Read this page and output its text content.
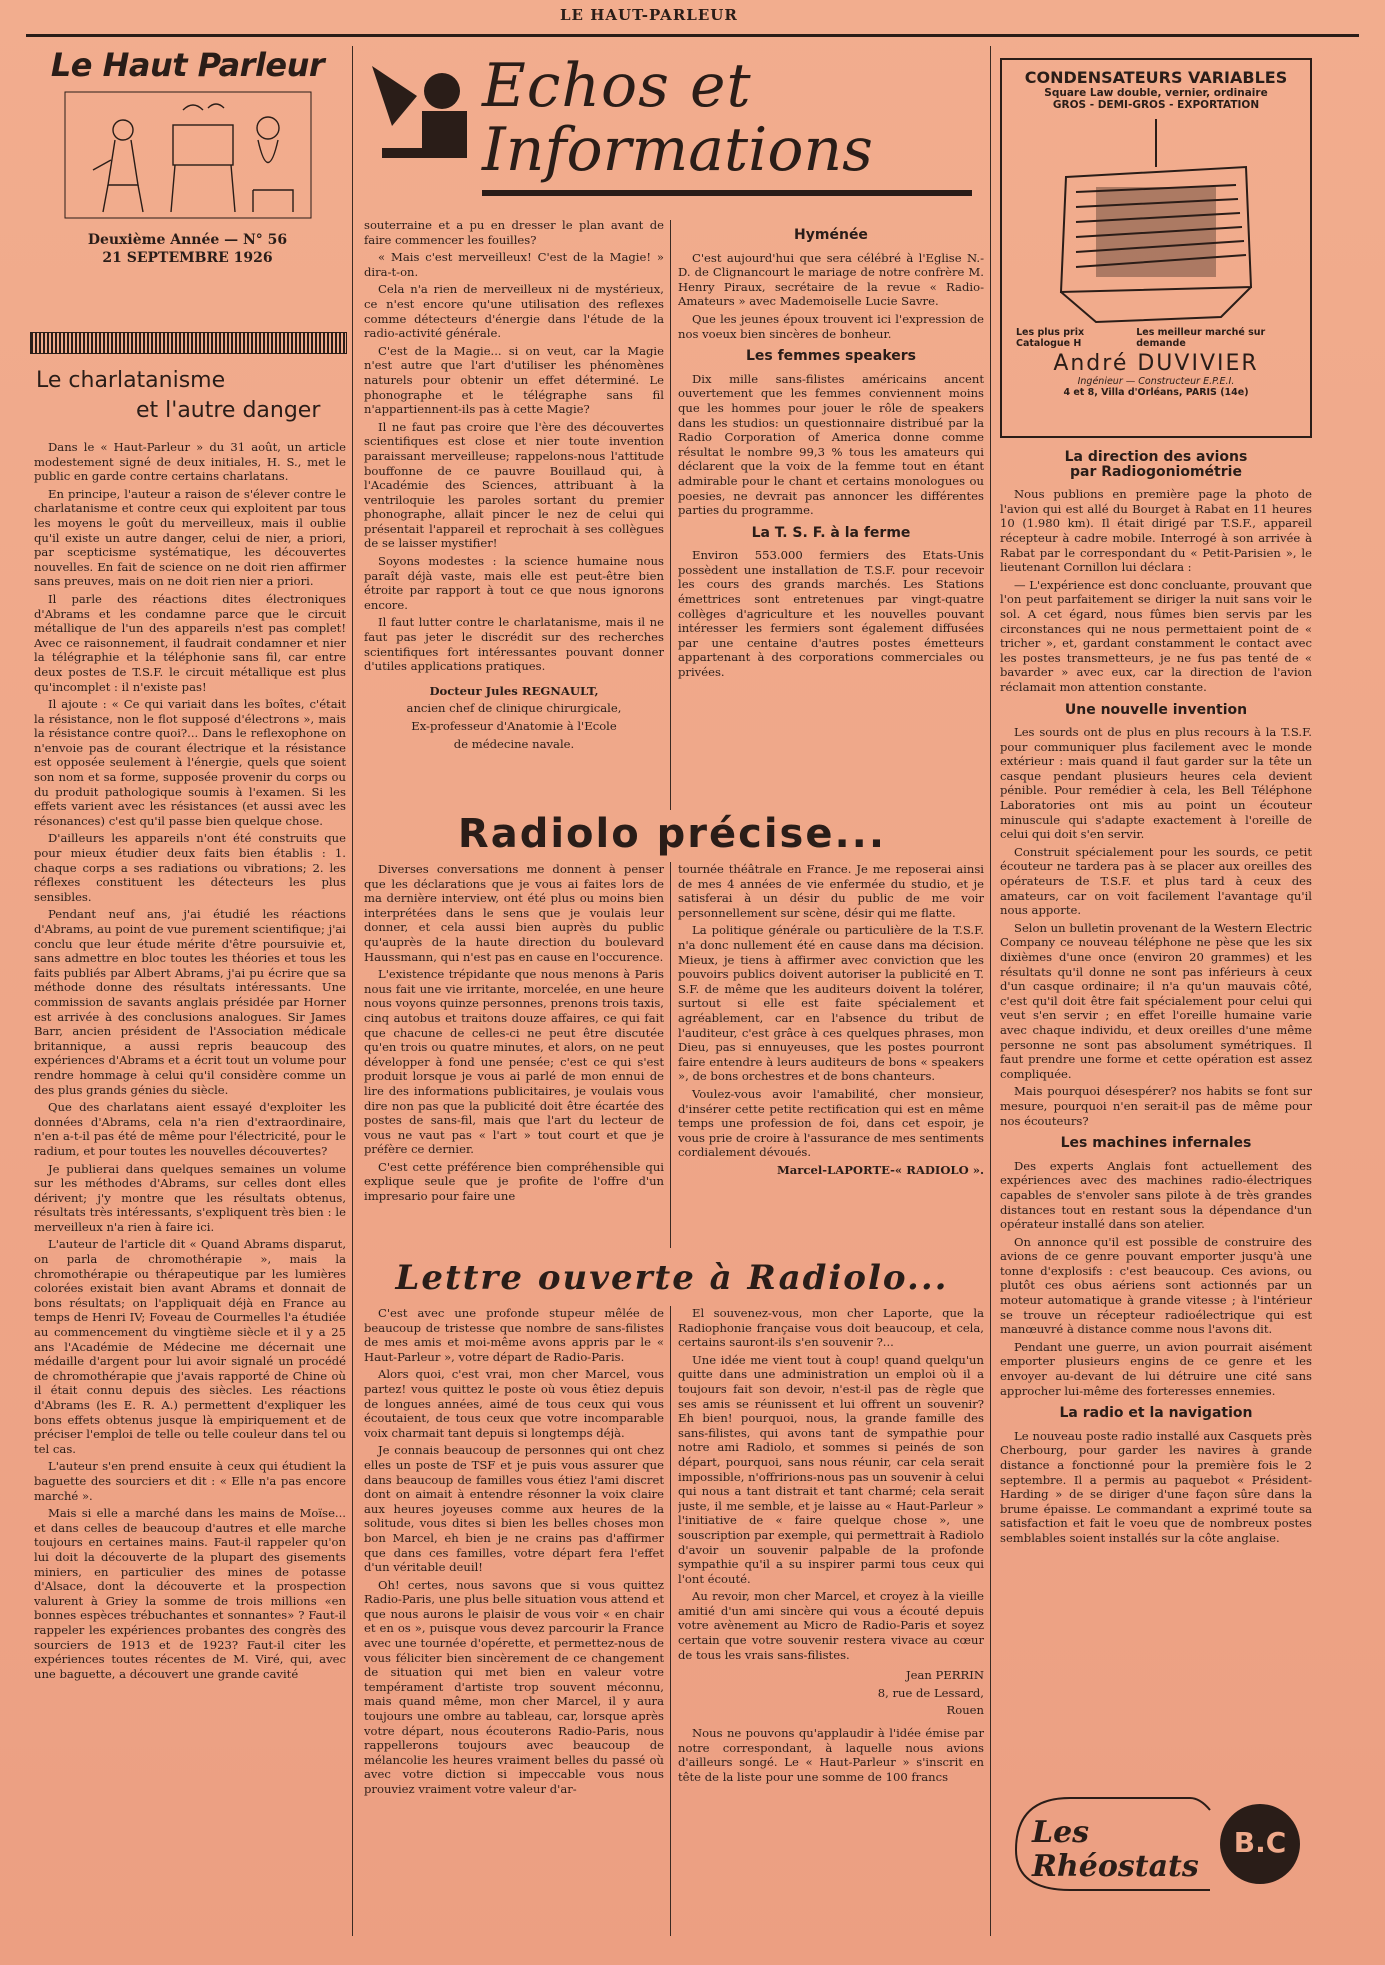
LE HAUT-PARLEUR
Le Haut Parleur
Deuxième Année — N° 56
21 SEPTEMBRE 1926
Le charlatanisme
et l'autre danger

Dans le « Haut-Parleur » du 31 août, un article modestement signé de deux initiales, H. S., met le public en garde contre certains charlatans.

En principe, l'auteur a raison de s'élever contre le charlatanisme et contre ceux qui exploitent par tous les moyens le goût du merveilleux, mais il oublie qu'il existe un autre danger, celui de nier, a priori, par scepticisme systématique, les découvertes nouvelles. En fait de science on ne doit rien affirmer sans preuves, mais on ne doit rien nier a priori.

Il parle des réactions dites électroniques d'Abrams et les condamne parce que le circuit métallique de l'un des appareils n'est pas complet! Avec ce raisonnement, il faudrait condamner et nier la télégraphie et la téléphonie sans fil, car entre deux postes de T.S.F. le circuit métallique est plus qu'incomplet : il n'existe pas!

Il ajoute : « Ce qui variait dans les boîtes, c'était la résistance, non le flot supposé d'électrons », mais la résistance contre quoi?... Dans le reflexophone on n'envoie pas de courant électrique et la résistance est opposée seulement à l'énergie, quels que soient son nom et sa forme, supposée provenir du corps ou du produit pathologique soumis à l'examen. Si les effets varient avec les résistances (et aussi avec les résonances) c'est qu'il passe bien quelque chose.

D'ailleurs les appareils n'ont été construits que pour mieux étudier deux faits bien établis : 1. chaque corps a ses radiations ou vibrations; 2. les réflexes constituent les détecteurs les plus sensibles.

Pendant neuf ans, j'ai étudié les réactions d'Abrams, au point de vue purement scientifique; j'ai conclu que leur étude mérite d'être poursuivie et, sans admettre en bloc toutes les théories et tous les faits publiés par Albert Abrams, j'ai pu écrire que sa méthode donne des résultats intéressants. Une commission de savants anglais présidée par Horner est arrivée à des conclusions analogues. Sir James Barr, ancien président de l'Association médicale britannique, a aussi repris beaucoup des expériences d'Abrams et a écrit tout un volume pour rendre hommage à celui qu'il considère comme un des plus grands génies du siècle.

Que des charlatans aient essayé d'exploiter les données d'Abrams, cela n'a rien d'extraordinaire, n'en a-t-il pas été de même pour l'électricité, pour le radium, et pour toutes les nouvelles découvertes?

Je publierai dans quelques semaines un volume sur les méthodes d'Abrams, sur celles dont elles dérivent; j'y montre que les résultats obtenus, résultats très intéressants, s'expliquent très bien : le merveilleux n'a rien à faire ici.

L'auteur de l'article dit « Quand Abrams disparut, on parla de chromothérapie », mais la chromothérapie ou thérapeutique par les lumières colorées existait bien avant Abrams et donnait de bons résultats; on l'appliquait déjà en France au temps de Henri IV; Foveau de Courmelles l'a étudiée au commencement du vingtième siècle et il y a 25 ans l'Académie de Médecine me décernait une médaille d'argent pour lui avoir signalé un procédé de chromothérapie que j'avais rapporté de Chine où il était connu depuis des siècles. Les réactions d'Abrams (les E. R. A.) permettent d'expliquer les bons effets obtenus jusque là empiriquement et de préciser l'emploi de telle ou telle couleur dans tel ou tel cas.

L'auteur s'en prend ensuite à ceux qui étudient la baguette des sourciers et dit : « Elle n'a pas encore marché ».

Mais si elle a marché dans les mains de Moïse... et dans celles de beaucoup d'autres et elle marche toujours en certaines mains. Faut-il rappeler qu'on lui doit la découverte de la plupart des gisements miniers, en particulier des mines de potasse d'Alsace, dont la découverte et la prospection valurent à Griey la somme de trois millions «en bonnes espèces trébuchantes et sonnantes» ? Faut-il rappeler les expériences probantes des congrès des sourciers de 1913 et de 1923? Faut-il citer les expériences toutes récentes de M. Viré, qui, avec une baguette, a découvert une grande cavité

Echos et
Informations

souterraine et a pu en dresser le plan avant de faire commencer les fouilles?

« Mais c'est merveilleux! C'est de la Magie! » dira-t-on.

Cela n'a rien de merveilleux ni de mystérieux, ce n'est encore qu'une utilisation des reflexes comme détecteurs d'énergie dans l'étude de la radio-activité générale.

C'est de la Magie... si on veut, car la Magie n'est autre que l'art d'utiliser les phénomènes naturels pour obtenir un effet déterminé. Le phonographe et le télégraphe sans fil n'appartiennent-ils pas à cette Magie?

Il ne faut pas croire que l'ère des découvertes scientifiques est close et nier toute invention paraissant merveilleuse; rappelons-nous l'attitude bouffonne de ce pauvre Bouillaud qui, à l'Académie des Sciences, attribuant à la ventriloquie les paroles sortant du premier phonographe, allait pincer le nez de celui qui présentait l'appareil et reprochait à ses collègues de se laisser mystifier!

Soyons modestes : la science humaine nous paraît déjà vaste, mais elle est peut-être bien étroite par rapport à tout ce que nous ignorons encore.

Il faut lutter contre le charlatanisme, mais il ne faut pas jeter le discrédit sur des recherches scientifiques fort intéressantes pouvant donner d'utiles applications pratiques.

Docteur Jules REGNAULT,

ancien chef de clinique chirurgicale,

Ex-professeur d'Anatomie à l'Ecole

de médecine navale.

Hyménée

C'est aujourd'hui que sera célébré à l'Eglise N.-D. de Clignancourt le mariage de notre confrère M. Henry Piraux, secrétaire de la revue « Radio-Amateurs » avec Mademoiselle Lucie Savre.

Que les jeunes époux trouvent ici l'expression de nos voeux bien sincères de bonheur.

Les femmes speakers

Dix mille sans-filistes américains ancent ouvertement que les femmes conviennent moins que les hommes pour jouer le rôle de speakers dans les studios: un questionnaire distribué par la Radio Corporation of America donne comme résultat le nombre 99,3 % tous les amateurs qui déclarent que la voix de la femme tout en étant admirable pour le chant et certains monologues ou poesies, ne devrait pas annoncer les différentes parties du programme.

La T. S. F. à la ferme

Environ 553.000 fermiers des Etats-Unis possèdent une installation de T.S.F. pour recevoir les cours des grands marchés. Les Stations émettrices sont entretenues par vingt-quatre collèges d'agriculture et les nouvelles pouvant intéresser les fermiers sont également diffusées par une centaine d'autres postes émetteurs appartenant à des corporations commerciales ou privées.

Radiolo précise...

Diverses conversations me donnent à penser que les déclarations que je vous ai faites lors de ma dernière interview, ont été plus ou moins bien interprétées dans le sens que je voulais leur donner, et cela aussi bien auprès du public qu'auprès de la haute direction du boulevard Haussmann, qui n'est pas en cause en l'occurence.

L'existence trépidante que nous menons à Paris nous fait une vie irritante, morcelée, en une heure nous voyons quinze personnes, prenons trois taxis, cinq autobus et traitons douze affaires, ce qui fait que chacune de celles-ci ne peut être discutée qu'en trois ou quatre minutes, et alors, on ne peut développer à fond une pensée; c'est ce qui s'est produit lorsque je vous ai parlé de mon ennui de lire des informations publicitaires, je voulais vous dire non pas que la publicité doit être écartée des postes de sans-fil, mais que l'art du lecteur de vous ne vaut pas « l'art » tout court et que je préfère ce dernier.

C'est cette préférence bien compréhensible qui explique seule que je profite de l'offre d'un impresario pour faire une

tournée théâtrale en France. Je me reposerai ainsi de mes 4 années de vie enfermée du studio, et je satisferai à un désir du public de me voir personnellement sur scène, désir qui me flatte.

La politique générale ou particulière de la T.S.F. n'a donc nullement été en cause dans ma décision. Mieux, je tiens à affirmer avec conviction que les pouvoirs publics doivent autoriser la publicité en T. S.F. de même que les auditeurs doivent la tolérer, surtout si elle est faite spécialement et agréablement, car en l'absence du tribut de l'auditeur, c'est grâce à ces quelques phrases, mon Dieu, pas si ennuyeuses, que les postes pourront faire entendre à leurs auditeurs de bons « speakers », de bons orchestres et de bons chanteurs.

Voulez-vous avoir l'amabilité, cher monsieur, d'insérer cette petite rectification qui est en même temps une profession de foi, dans cet espoir, je vous prie de croire à l'assurance de mes sentiments cordialement dévoués.

Marcel-LAPORTE-« RADIOLO ».

Lettre ouverte à Radiolo...

C'est avec une profonde stupeur mêlée de beaucoup de tristesse que nombre de sans-filistes de mes amis et moi-même avons appris par le « Haut-Parleur », votre départ de Radio-Paris.

Alors quoi, c'est vrai, mon cher Marcel, vous partez! vous quittez le poste où vous êtiez depuis de longues années, aimé de tous ceux qui vous écoutaient, de tous ceux que votre incomparable voix charmait tant depuis si longtemps déjà.

Je connais beaucoup de personnes qui ont chez elles un poste de TSF et je puis vous assurer que dans beaucoup de familles vous étiez l'ami discret dont on aimait à entendre résonner la voix claire aux heures joyeuses comme aux heures de la solitude, vous dites si bien les belles choses mon bon Marcel, eh bien je ne crains pas d'affirmer que dans ces familles, votre départ fera l'effet d'un véritable deuil!

Oh! certes, nous savons que si vous quittez Radio-Paris, une plus belle situation vous attend et que nous aurons le plaisir de vous voir « en chair et en os », puisque vous devez parcourir la France avec une tournée d'opérette, et permettez-nous de vous féliciter bien sincèrement de ce changement de situation qui met bien en valeur votre tempérament d'artiste trop souvent méconnu, mais quand même, mon cher Marcel, il y aura toujours une ombre au tableau, car, lorsque après votre départ, nous écouterons Radio-Paris, nous rappellerons toujours avec beaucoup de mélancolie les heures vraiment belles du passé où avec votre diction si impeccable vous nous prouviez vraiment votre valeur d'ar-

El souvenez-vous, mon cher Laporte, que la Radiophonie française vous doit beaucoup, et cela, certains sauront-ils s'en souvenir ?...

Une idée me vient tout à coup! quand quelqu'un quitte dans une administration un emploi où il a toujours fait son devoir, n'est-il pas de règle que ses amis se réunissent et lui offrent un souvenir? Eh bien! pourquoi, nous, la grande famille des sans-filistes, qui avons tant de sympathie pour notre ami Radiolo, et sommes si peinés de son départ, pourquoi, sans nous réunir, car cela serait impossible, n'offririons-nous pas un souvenir à celui qui nous a tant distrait et tant charmé; cela serait juste, il me semble, et je laisse au « Haut-Parleur » l'initiative de « faire quelque chose », une souscription par exemple, qui permettrait à Radiolo d'avoir un souvenir palpable de la profonde sympathie qu'il a su inspirer parmi tous ceux qui l'ont écouté.

Au revoir, mon cher Marcel, et croyez à la vieille amitié d'un ami sincère qui vous a écouté depuis votre avènement au Micro de Radio-Paris et soyez certain que votre souvenir restera vivace au cœur de tous les vrais sans-filistes.

Jean PERRIN

8, rue de Lessard,

Rouen

Nous ne pouvons qu'applaudir à l'idée émise par notre correspondant, à laquelle nous avions d'ailleurs songé. Le « Haut-Parleur » s'inscrit en tête de la liste pour une somme de 100 francs

CONDENSATEURS VARIABLES
Square Law double, vernier, ordinaire
GROS - DEMI-GROS - EXPORTATION
Les plus prix Catalogue H
Les meilleur marché sur demande
André DUVIVIER
Ingénieur — Constructeur E.P.E.I.
4 et 8, Villa d'Orléans, PARIS (14e)
La direction des avions
par Radiogoniométrie

Nous publions en première page la photo de l'avion qui est allé du Bourget à Rabat en 11 heures 10 (1.980 km). Il était dirigé par T.S.F., appareil récepteur à cadre mobile. Interrogé à son arrivée à Rabat par le correspondant du « Petit-Parisien », le lieutenant Cornillon lui déclara :

— L'expérience est donc concluante, prouvant que l'on peut parfaitement se diriger la nuit sans voir le sol. A cet égard, nous fûmes bien servis par les circonstances qui ne nous permettaient point de « tricher », et, gardant constamment le contact avec les postes transmetteurs, je ne fus pas tenté de « bavarder » avec eux, car la direction de l'avion réclamait mon attention constante.

Une nouvelle invention

Les sourds ont de plus en plus recours à la T.S.F. pour communiquer plus facilement avec le monde extérieur : mais quand il faut garder sur la tête un casque pendant plusieurs heures cela devient pénible. Pour remédier à cela, les Bell Téléphone Laboratories ont mis au point un écouteur minuscule qui s'adapte exactement à l'oreille de celui qui doit s'en servir.

Construit spécialement pour les sourds, ce petit écouteur ne tardera pas à se placer aux oreilles des opérateurs de T.S.F. et plus tard à ceux des amateurs, car on voit facilement l'avantage qu'il nous apporte.

Selon un bulletin provenant de la Western Electric Company ce nouveau téléphone ne pèse que les six dixièmes d'une once (environ 20 grammes) et les résultats qu'il donne ne sont pas inférieurs à ceux d'un casque ordinaire; il n'a qu'un mauvais côté, c'est qu'il doit être fait spécialement pour celui qui veut s'en servir ; en effet l'oreille humaine varie avec chaque individu, et deux oreilles d'une même personne ne sont pas absolument symétriques. Il faut prendre une forme et cette opération est assez compliquée.

Mais pourquoi désespérer? nos habits se font sur mesure, pourquoi n'en serait-il pas de même pour nos écouteurs?

Les machines infernales

Des experts Anglais font actuellement des expériences avec des machines radio-électriques capables de s'envoler sans pilote à de très grandes distances tout en restant sous la dépendance d'un opérateur installé dans son atelier.

On annonce qu'il est possible de construire des avions de ce genre pouvant emporter jusqu'à une tonne d'explosifs : c'est beaucoup. Ces avions, ou plutôt ces obus aériens sont actionnés par un moteur automatique à grande vitesse ; à l'intérieur se trouve un récepteur radioélectrique qui est manœuvré à distance comme nous l'avons dit.

Pendant une guerre, un avion pourrait aisément emporter plusieurs engins de ce genre et les envoyer au-devant de lui détruire une cité sans approcher lui-même des forteresses ennemies.

La radio et la navigation

Le nouveau poste radio installé aux Casquets près Cherbourg, pour garder les navires à grande distance a fonctionné pour la première fois le 2 septembre. Il a permis au paquebot « Président-Harding » de se diriger d'une façon sûre dans la brume épaisse. Le commandant a exprimé toute sa satisfaction et fait le voeu que de nombreux postes semblables soient installés sur la côte anglaise.

Les Rhéostats
B.C
